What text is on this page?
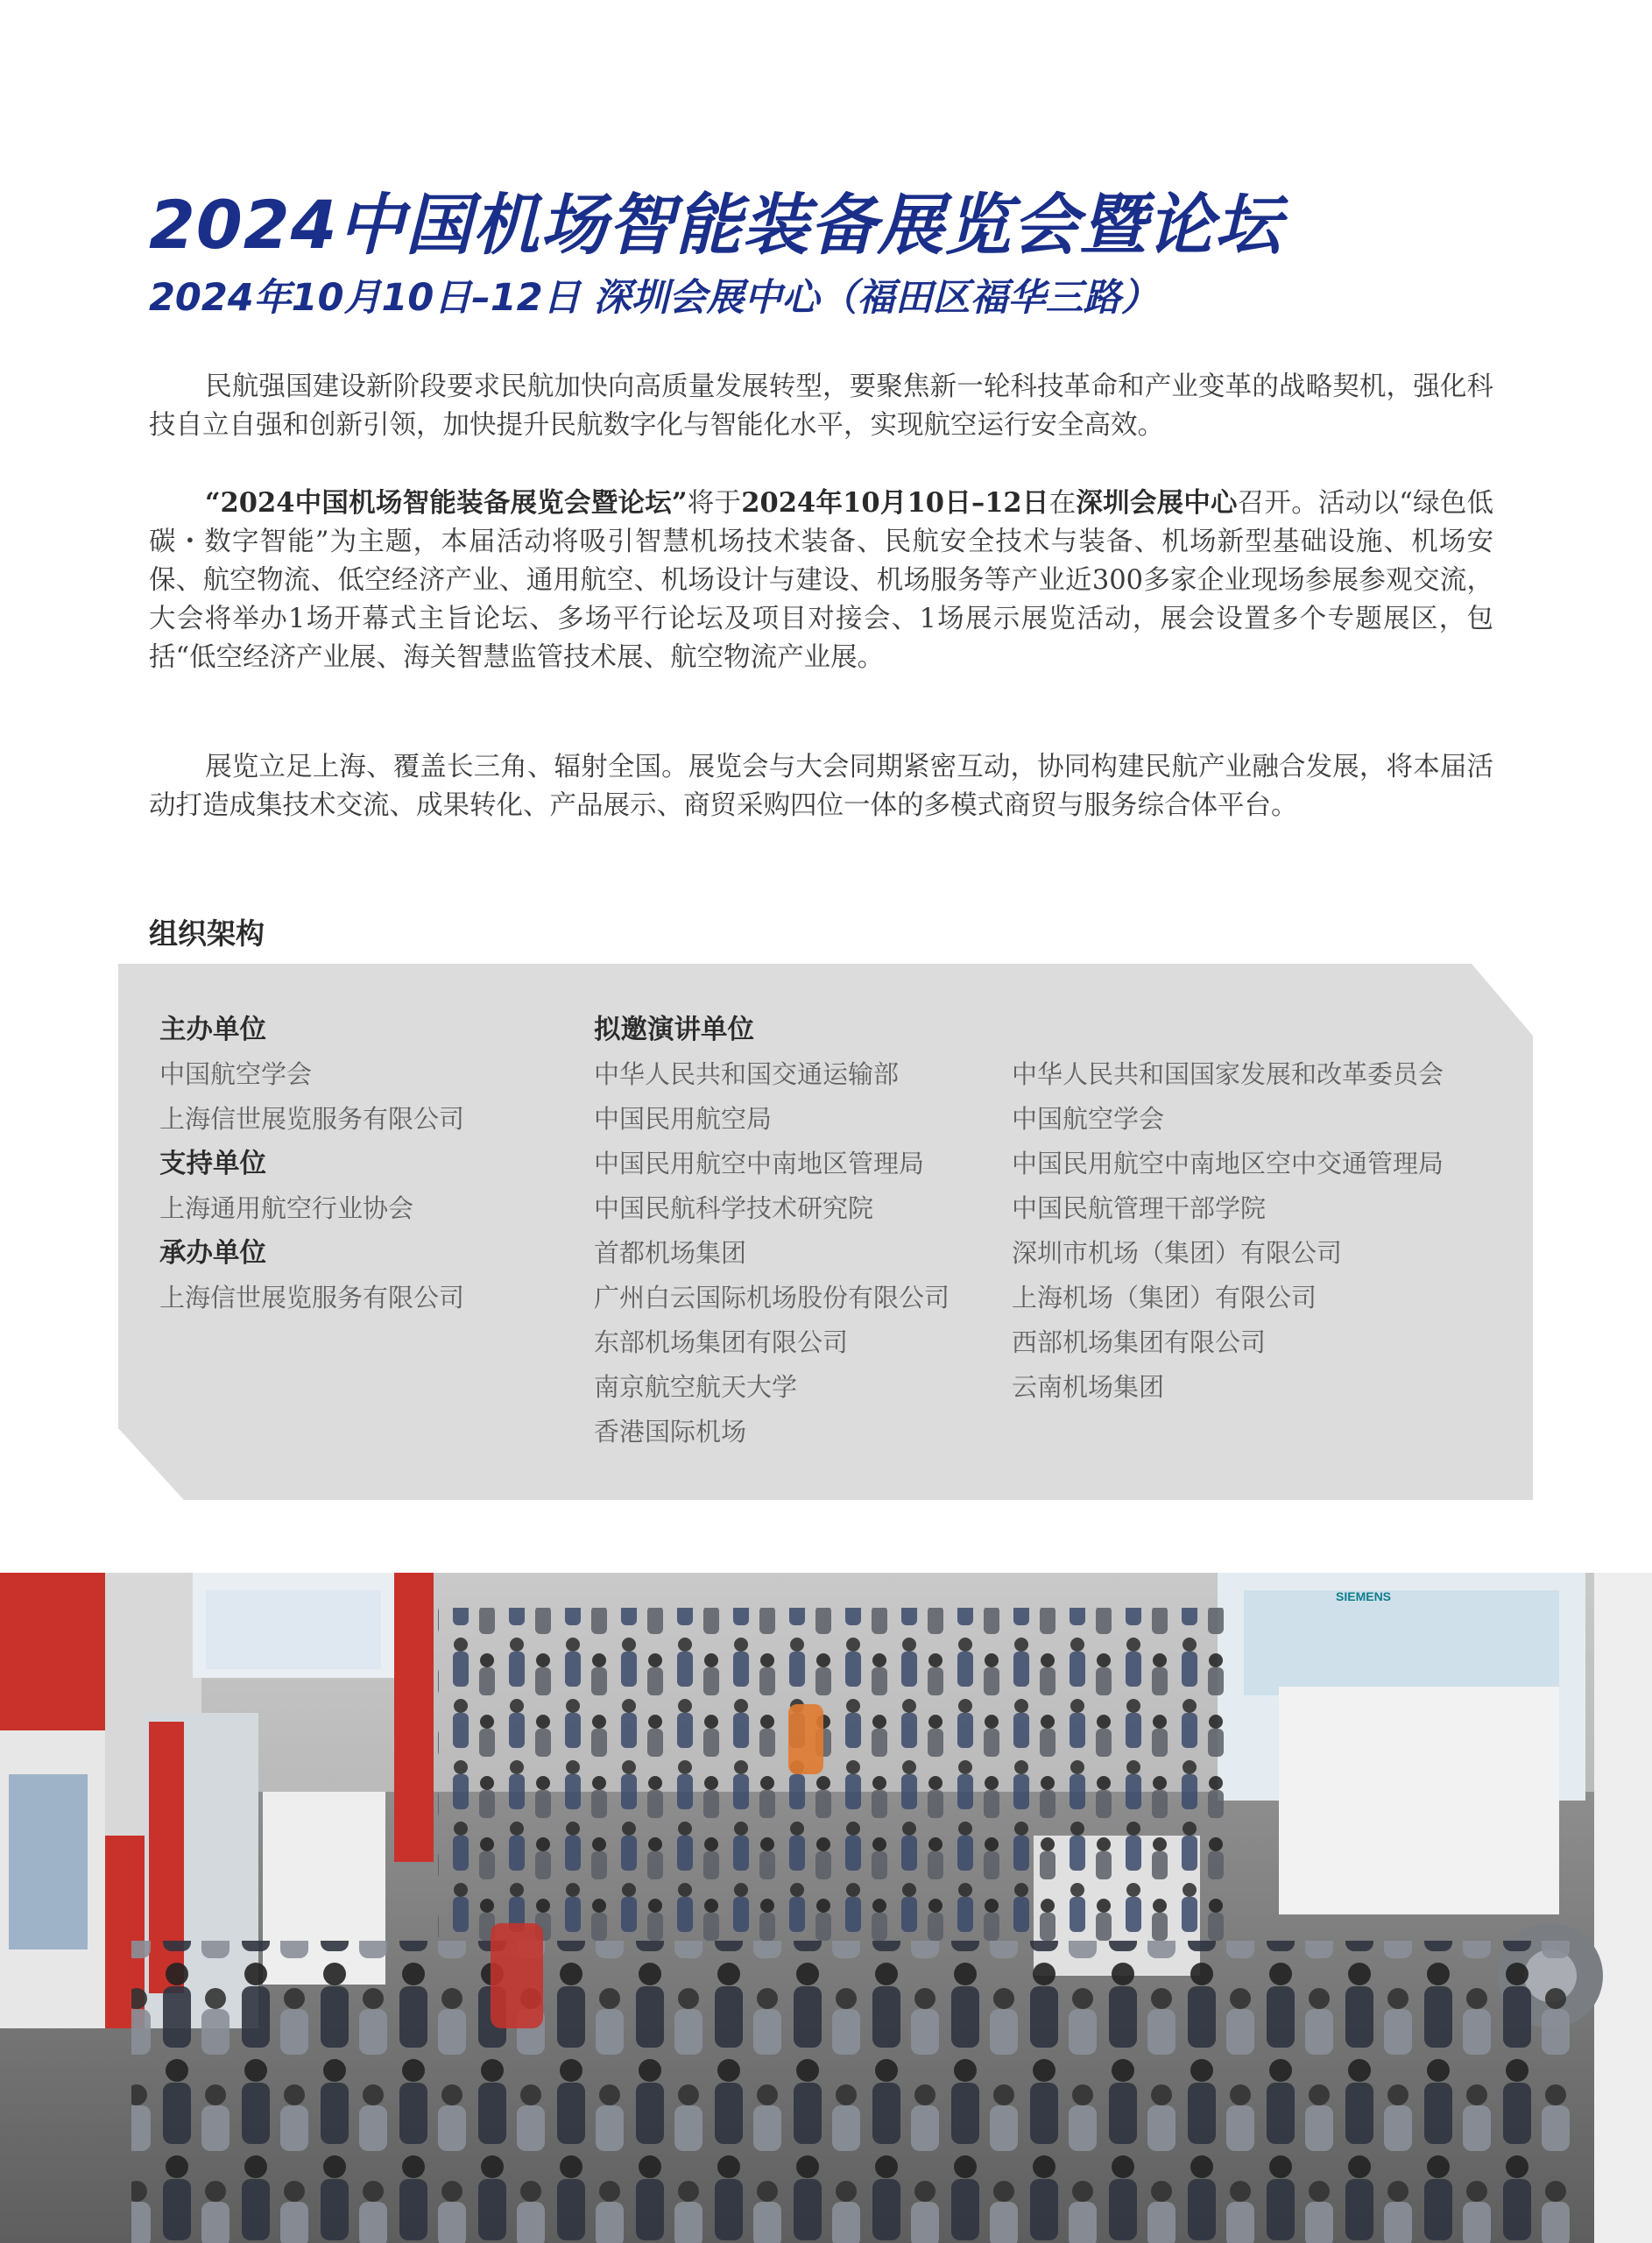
2024中国机场智能装备展览会暨论坛
2024年10月10日–12日 深圳会展中心（福田区福华三路）

民航强国建设新阶段要求民航加快向高质量发展转型，要聚焦新一轮科技革命和产业变革的战略契机，强化科技自立自强和创新引领，加快提升民航数字化与智能化水平，实现航空运行安全高效。

“2024中国机场智能装备展览会暨论坛”将于2024年10月10日–12日在深圳会展中心召开。活动以“绿色低碳・数字智能”为主题，本届活动将吸引智慧机场技术装备、民航安全技术与装备、机场新型基础设施、机场安保、航空物流、低空经济产业、通用航空、机场设计与建设、机场服务等产业近300多家企业现场参展参观交流，大会将举办1场开幕式主旨论坛、多场平行论坛及项目对接会、1场展示展览活动，展会设置多个专题展区，包括“低空经济产业展、海关智慧监管技术展、航空物流产业展。

展览立足上海、覆盖长三角、辐射全国。展览会与大会同期紧密互动，协同构建民航产业融合发展，将本届活动打造成集技术交流、成果转化、产品展示、商贸采购四位一体的多模式商贸与服务综合体平台。

组织架构
主办单位
中国航空学会
上海信世展览服务有限公司
支持单位
上海通用航空行业协会
承办单位
上海信世展览服务有限公司
拟邀演讲单位
中华人民共和国交通运输部
中国民用航空局
中国民用航空中南地区管理局
中国民航科学技术研究院
首都机场集团
广州白云国际机场股份有限公司
东部机场集团有限公司
南京航空航天大学
香港国际机场
中华人民共和国国家发展和改革委员会
中国航空学会
中国民用航空中南地区空中交通管理局
中国民航管理干部学院
深圳市机场（集团）有限公司
上海机场（集团）有限公司
西部机场集团有限公司
云南机场集团
SIEMENS
